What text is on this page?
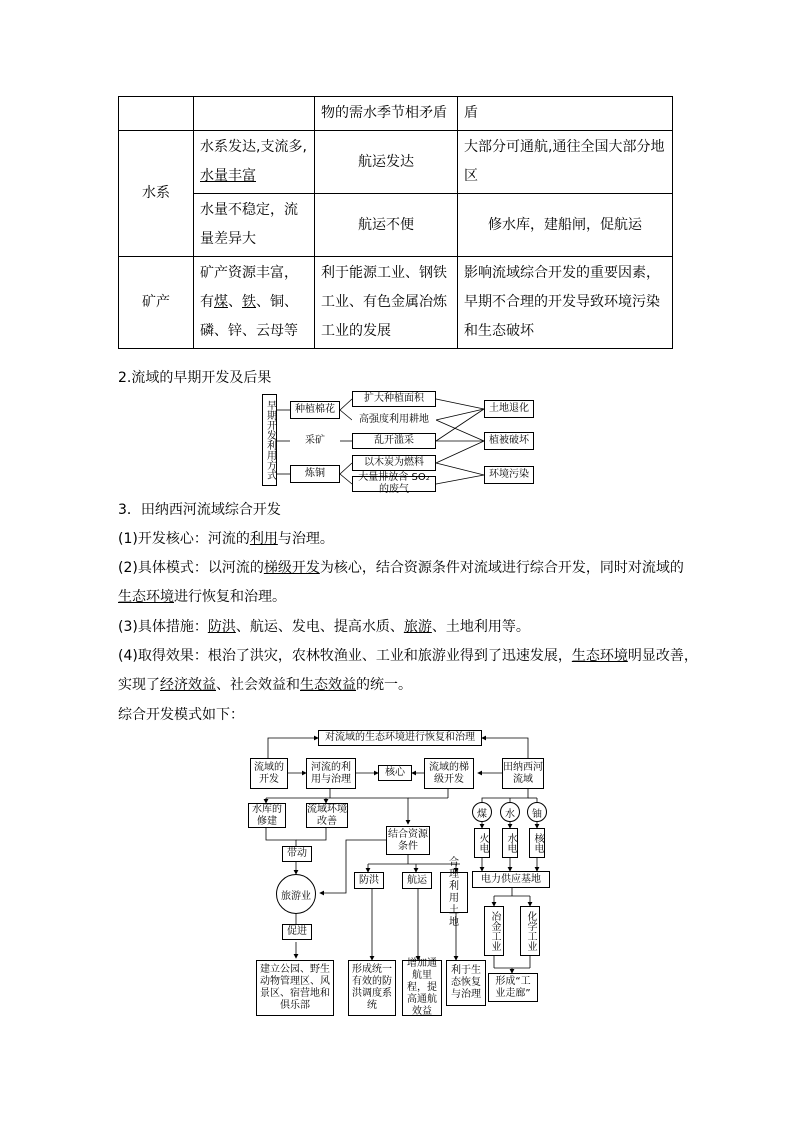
		物的需水季节相矛盾	盾
水系	水系发达,支流多,水量丰富	航运发达	大部分可通航,通往全国大部分地区
	水量不稳定，流量差异大	航运不便	修水库，建船闸，促航运
矿产	矿产资源丰富，有煤、铁、铜、磷、锌、云母等	利于能源工业、钢铁工业、有色金属冶炼工业的发展	影响流域综合开发的重要因素，早期不合理的开发导致环境污染和生态破坏
2.流域的早期开发及后果
早期开发利用方式	种植棉花
采矿
炼铜
扩大种植面积
高强度利用耕地
乱开滥采
以木炭为燃料
大量排放含 SO₂ 的废气
土地退化
植被破坏
环境污染
3．田纳西河流域综合开发
(1)开发核心：河流的利用与治理。
(2)具体模式：以河流的梯级开发为核心，结合资源条件对流域进行综合开发，同时对流域的
生态环境进行恢复和治理。
(3)具体措施：防洪、航运、发电、提高水质、旅游、土地利用等。
(4)取得效果：根治了洪灾，农林牧渔业、工业和旅游业得到了迅速发展，生态环境明显改善，
实现了经济效益、社会效益和生态效益的统一。
综合开发模式如下：
对流域的生态环境进行恢复和治理
流域的开发
河流的利用与治理
核心	流域的梯级开发
田纳西河流域
水库的修建
流域环境改善
带动
旅游业
促进
建立公园、野生动物管理区、风景区、宿营地和俱乐部
结合资源条件
防洪	航运
合理利用土地
形成统一有效的防洪调度系统
增加通航里程，提高通航效益
利于生态恢复与治理
煤	水	铀
火电	水电	核电
电力供应基地
冶金工业	化学工业
形成“工业走廊”
